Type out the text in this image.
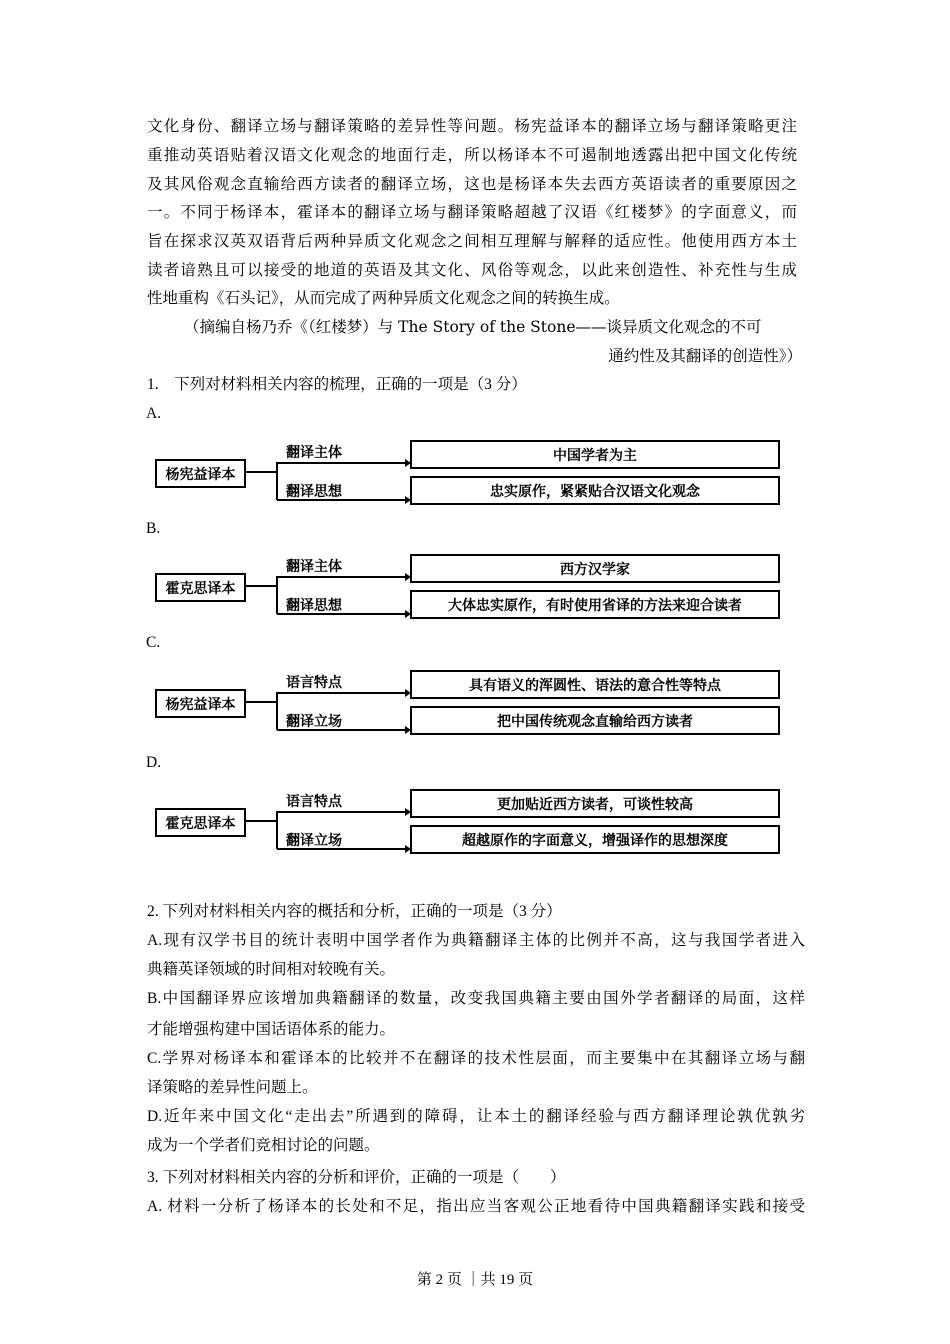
文化身份、翻译立场与翻译策略的差异性等问题。杨宪益译本的翻译立场与翻译策略更注
重推动英语贴着汉语文化观念的地面行走，所以杨译本不可遏制地透露出把中国文化传统
及其风俗观念直输给西方读者的翻译立场，这也是杨译本失去西方英语读者的重要原因之
一。不同于杨译本，霍译本的翻译立场与翻译策略超越了汉语《红楼梦》的字面意义，而
旨在探求汉英双语背后两种异质文化观念之间相互理解与解释的适应性。他使用西方本土
读者谙熟且可以接受的地道的英语及其文化、风俗等观念，以此来创造性、补充性与生成
性地重构《石头记》，从而完成了两种异质文化观念之间的转换生成。
（摘编自杨乃乔《（红楼梦）与 The Story of the Stone——谈异质文化观念的不可
通约性及其翻译的创造性》）
1.　下列对材料相关内容的梳理，正确的一项是（3 分）
A.
杨宪益译本
翻译主体
翻译思想
中国学者为主
忠实原作，紧紧贴合汉语文化观念
B.
霍克思译本
翻译主体
翻译思想
西方汉学家
大体忠实原作，有时使用省译的方法来迎合读者
C.
杨宪益译本
语言特点
翻译立场
具有语义的浑圆性、语法的意合性等特点
把中国传统观念直输给西方读者
D.
霍克思译本
语言特点
翻译立场
更加贴近西方读者，可谈性较高
超越原作的字面意义，增强译作的思想深度
2. 下列对材料相关内容的概括和分析，正确的一项是（3 分）
A.现有汉学书目的统计表明中国学者作为典籍翻译主体的比例并不高，这与我国学者进入
典籍英译领域的时间相对较晚有关。
B.中国翻译界应该增加典籍翻译的数量，改变我国典籍主要由国外学者翻译的局面，这样
才能增强构建中国话语体系的能力。
C.学界对杨译本和霍译本的比较并不在翻译的技术性层面，而主要集中在其翻译立场与翻
译策略的差异性问题上。
D.近年来中国文化“走出去”所遇到的障碍，让本土的翻译经验与西方翻译理论孰优孰劣
成为一个学者们竞相讨论的问题。
3. 下列对材料相关内容的分析和评价，正确的一项是（　　）
A. 材料一分析了杨译本的长处和不足，指出应当客观公正地看待中国典籍翻译实践和接受
第 2 页 ｜共 19 页
